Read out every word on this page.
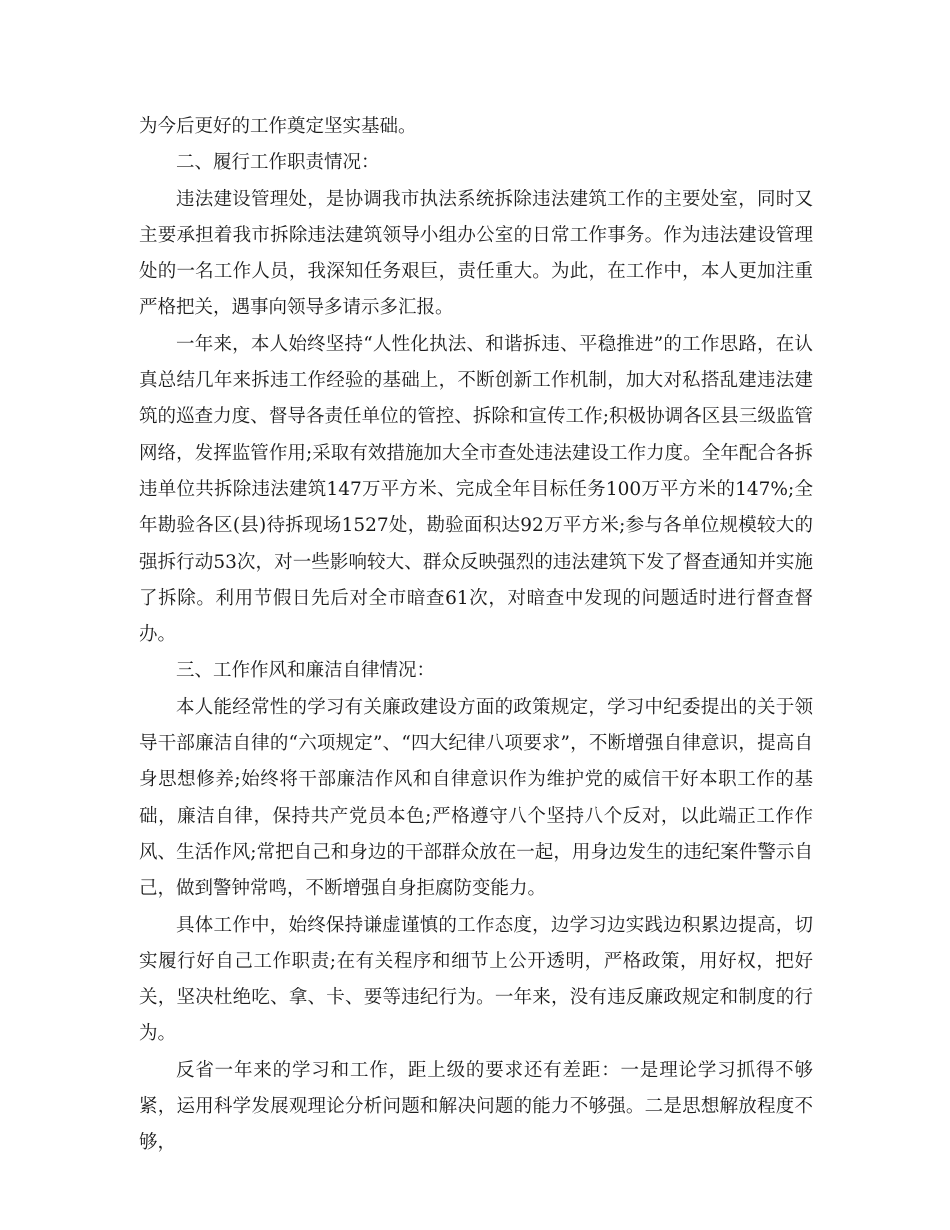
为今后更好的工作奠定坚实基础。

二、履行工作职责情况：

违法建设管理处，是协调我市执法系统拆除违法建筑工作的主要处室，同时又主要承担着我市拆除违法建筑领导小组办公室的日常工作事务。作为违法建设管理处的一名工作人员，我深知任务艰巨，责任重大。为此，在工作中，本人更加注重严格把关，遇事向领导多请示多汇报。

一年来，本人始终坚持“人性化执法、和谐拆违、平稳推进”的工作思路，在认真总结几年来拆违工作经验的基础上，不断创新工作机制，加大对私搭乱建违法建筑的巡查力度、督导各责任单位的管控、拆除和宣传工作;积极协调各区县三级监管网络，发挥监管作用;采取有效措施加大全市查处违法建设工作力度。全年配合各拆违单位共拆除违法建筑147万平方米、完成全年目标任务100万平方米的147%;全年勘验各区(县)待拆现场1527处，勘验面积达92万平方米;参与各单位规模较大的强拆行动53次，对一些影响较大、群众反映强烈的违法建筑下发了督查通知并实施了拆除。利用节假日先后对全市暗查61次，对暗查中发现的问题适时进行督查督办。

三、工作作风和廉洁自律情况：

本人能经常性的学习有关廉政建设方面的政策规定，学习中纪委提出的关于领导干部廉洁自律的“六项规定”、“四大纪律八项要求”，不断增强自律意识，提高自身思想修养;始终将干部廉洁作风和自律意识作为维护党的威信干好本职工作的基础，廉洁自律，保持共产党员本色;严格遵守八个坚持八个反对，以此端正工作作风、生活作风;常把自己和身边的干部群众放在一起，用身边发生的违纪案件警示自己，做到警钟常鸣，不断增强自身拒腐防变能力。

具体工作中，始终保持谦虚谨慎的工作态度，边学习边实践边积累边提高，切实履行好自己工作职责;在有关程序和细节上公开透明，严格政策，用好权，把好关，坚决杜绝吃、拿、卡、要等违纪行为。一年来，没有违反廉政规定和制度的行为。

反省一年来的学习和工作，距上级的要求还有差距：一是理论学习抓得不够紧，运用科学发展观理论分析问题和解决问题的能力不够强。二是思想解放程度不够，
